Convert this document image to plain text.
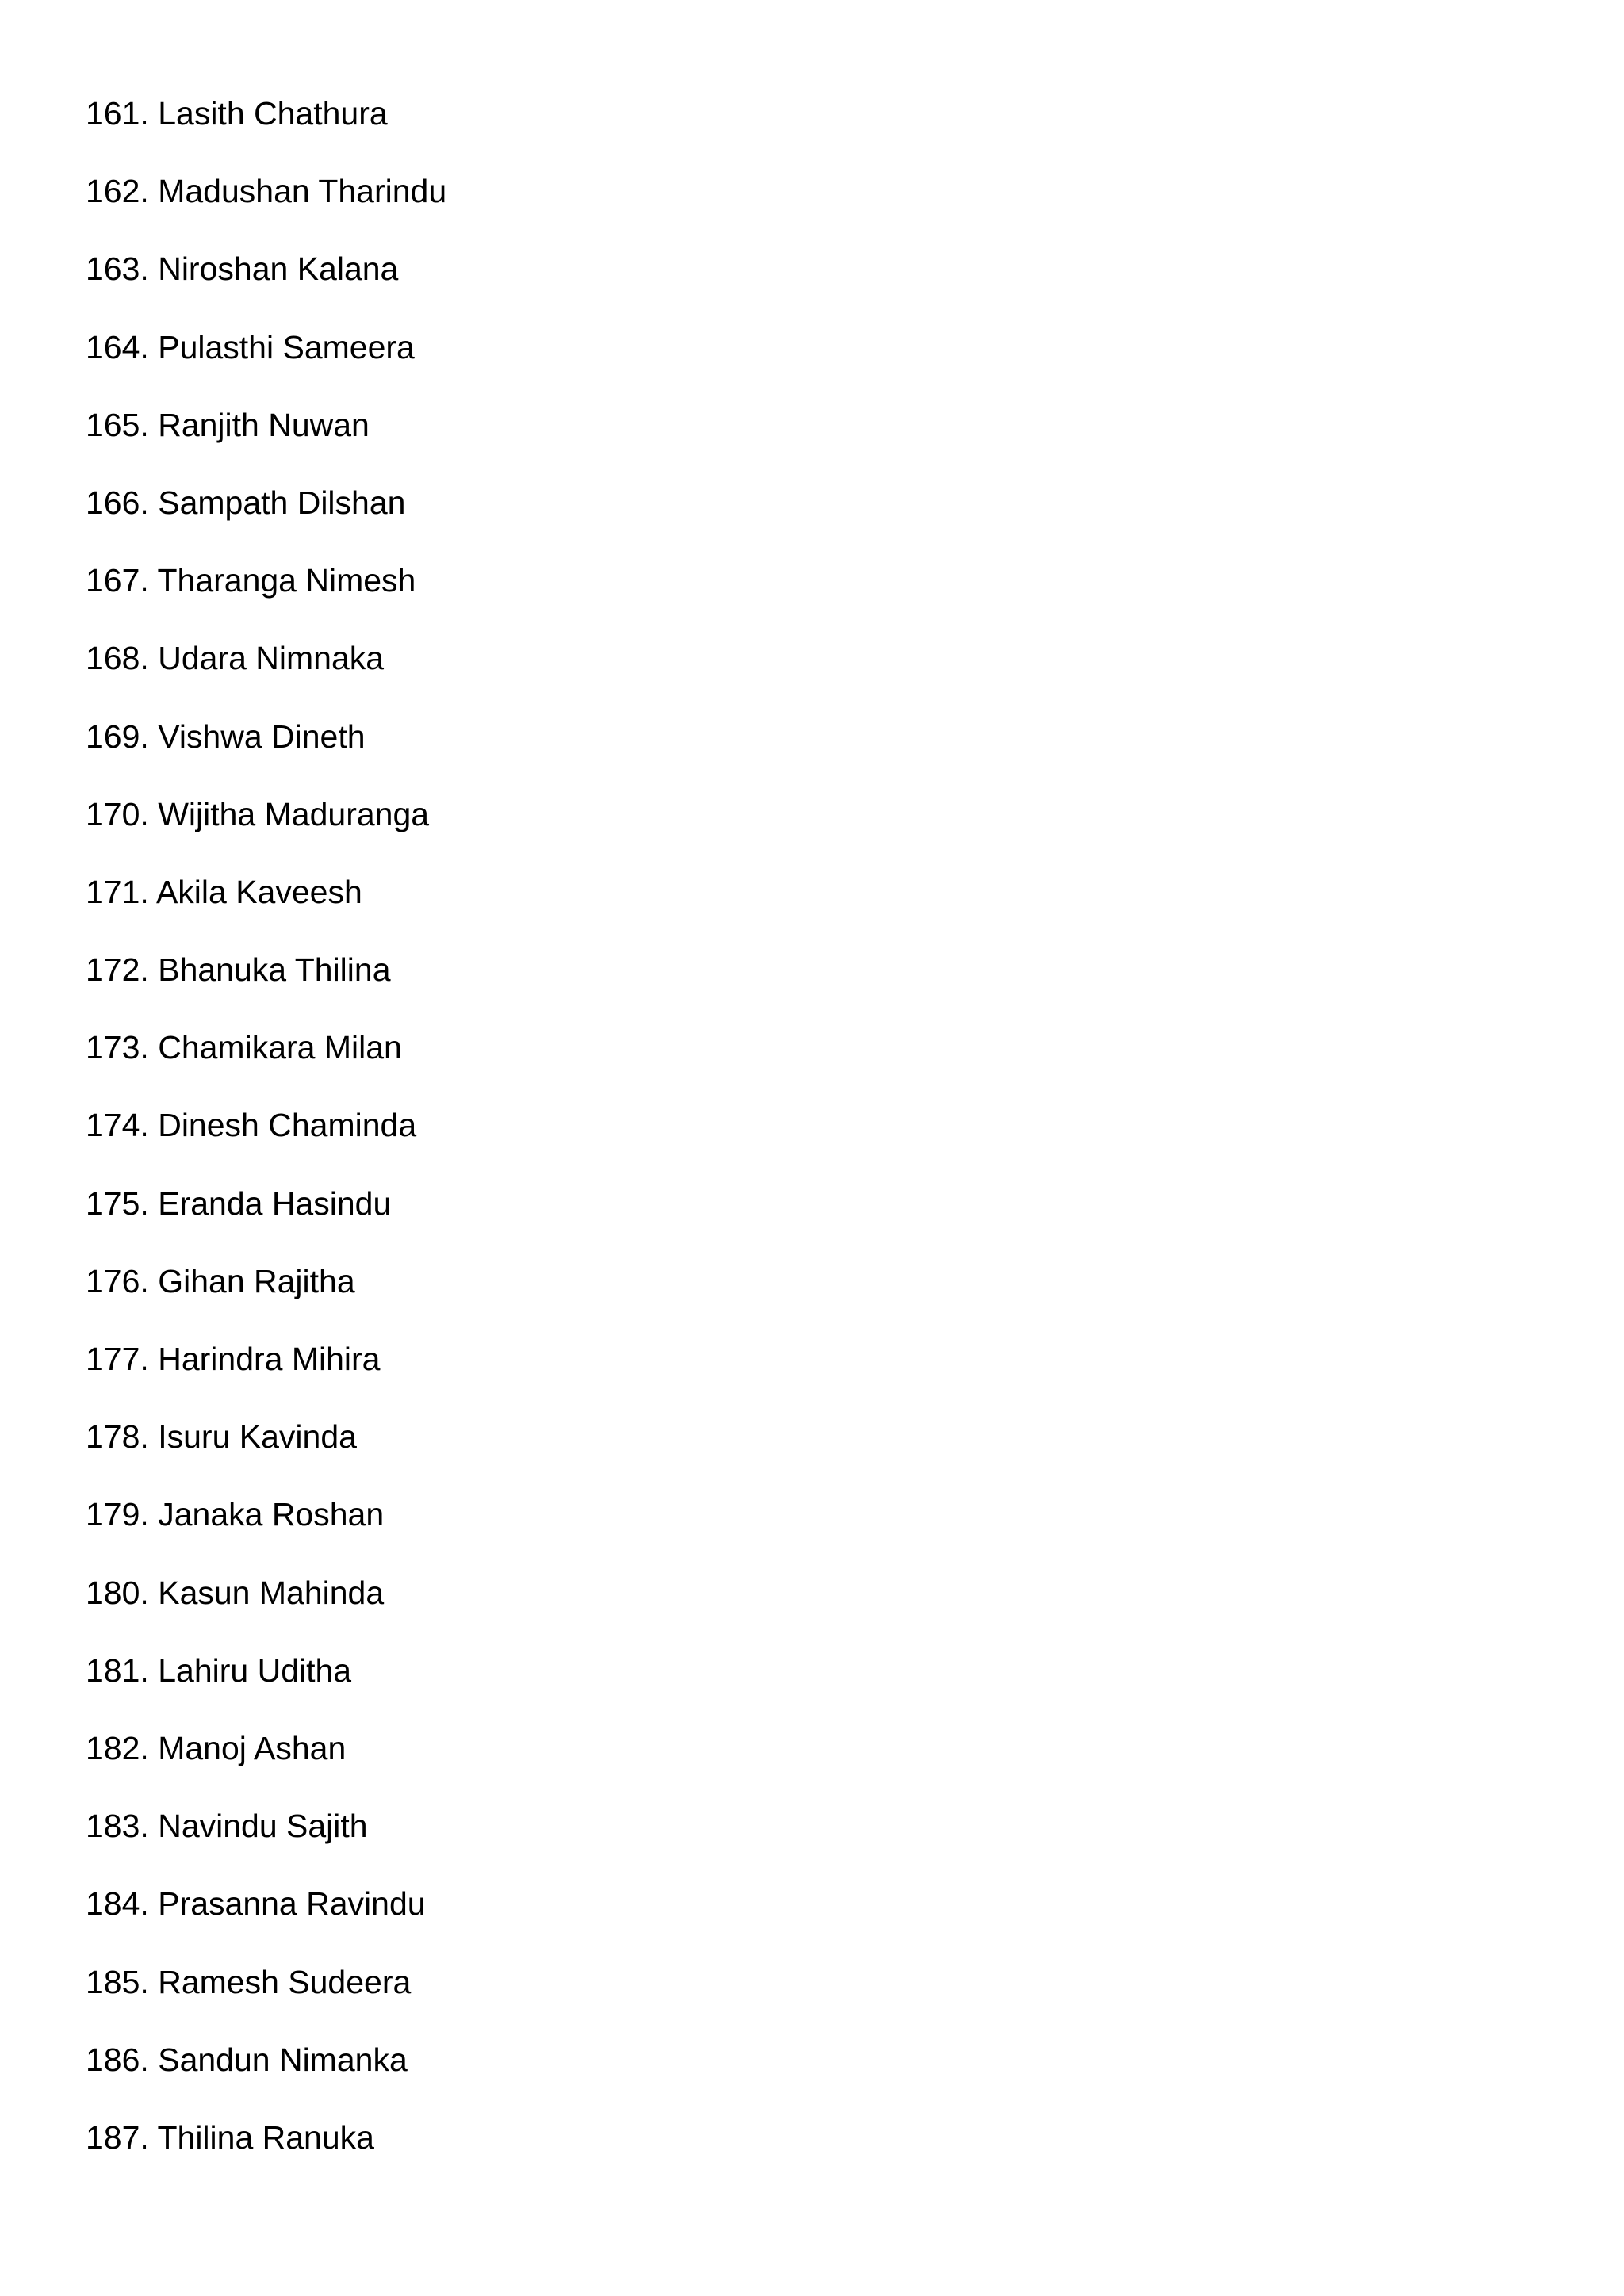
161. Lasith Chathura
162. Madushan Tharindu
163. Niroshan Kalana
164. Pulasthi Sameera
165. Ranjith Nuwan
166. Sampath Dilshan
167. Tharanga Nimesh
168. Udara Nimnaka
169. Vishwa Dineth
170. Wijitha Maduranga
171. Akila Kaveesh
172. Bhanuka Thilina
173. Chamikara Milan
174. Dinesh Chaminda
175. Eranda Hasindu
176. Gihan Rajitha
177. Harindra Mihira
178. Isuru Kavinda
179. Janaka Roshan
180. Kasun Mahinda
181. Lahiru Uditha
182. Manoj Ashan
183. Navindu Sajith
184. Prasanna Ravindu
185. Ramesh Sudeera
186. Sandun Nimanka
187. Thilina Ranuka
